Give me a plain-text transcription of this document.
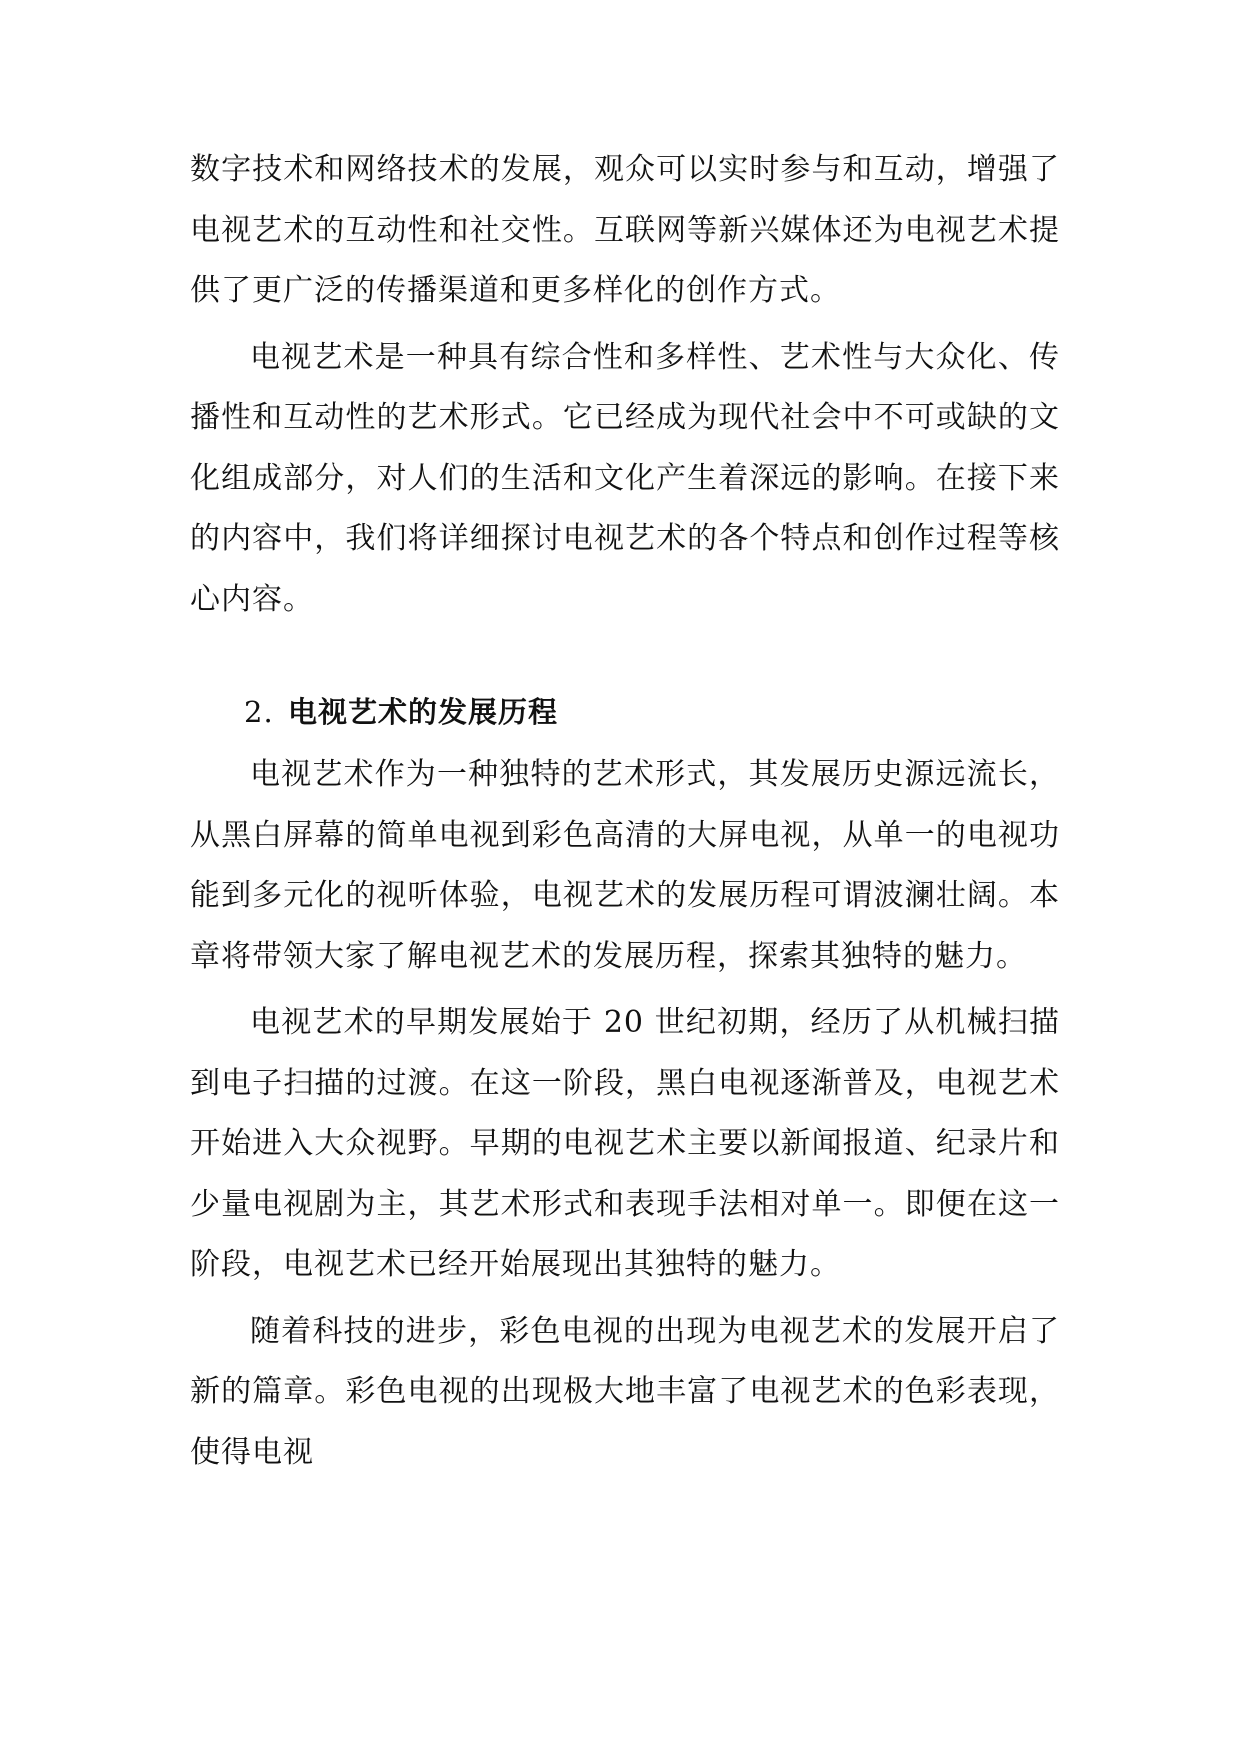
数字技术和网络技术的发展，观众可以实时参与和互动，增强了电视艺术的互动性和社交性。互联网等新兴媒体还为电视艺术提供了更广泛的传播渠道和更多样化的创作方式。

电视艺术是一种具有综合性和多样性、艺术性与大众化、传播性和互动性的艺术形式。它已经成为现代社会中不可或缺的文化组成部分，对人们的生活和文化产生着深远的影响。在接下来的内容中，我们将详细探讨电视艺术的各个特点和创作过程等核心内容。

2. 电视艺术的发展历程

电视艺术作为一种独特的艺术形式，其发展历史源远流长，从黑白屏幕的简单电视到彩色高清的大屏电视，从单一的电视功能到多元化的视听体验，电视艺术的发展历程可谓波澜壮阔。本章将带领大家了解电视艺术的发展历程，探索其独特的魅力。

电视艺术的早期发展始于 20 世纪初期，经历了从机械扫描到电子扫描的过渡。在这一阶段，黑白电视逐渐普及，电视艺术开始进入大众视野。早期的电视艺术主要以新闻报道、纪录片和少量电视剧为主，其艺术形式和表现手法相对单一。即便在这一阶段，电视艺术已经开始展现出其独特的魅力。

随着科技的进步，彩色电视的出现为电视艺术的发展开启了新的篇章。彩色电视的出现极大地丰富了电视艺术的色彩表现，使得电视
